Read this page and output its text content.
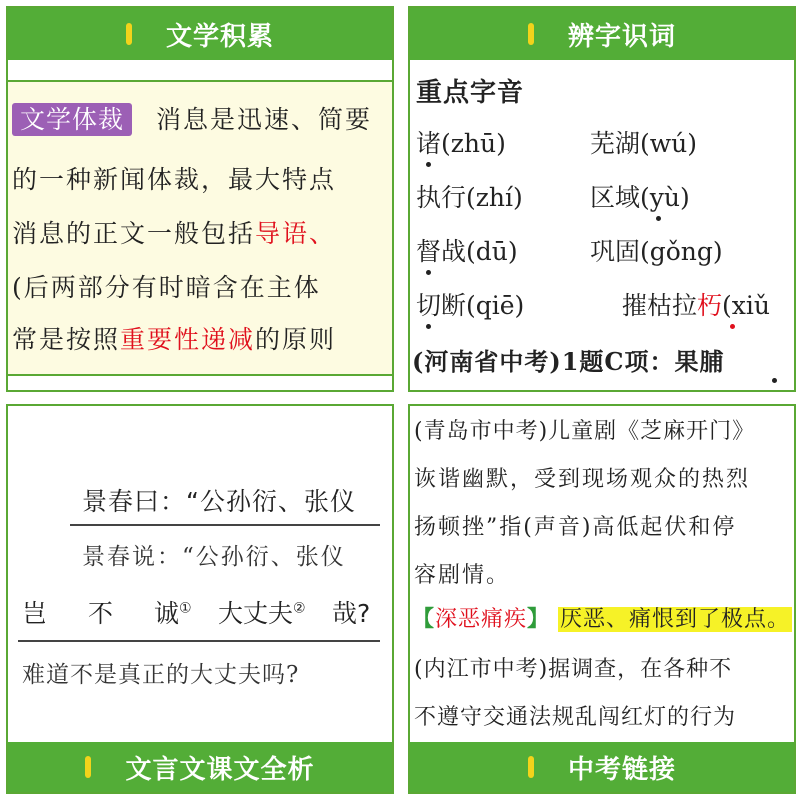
文学积累
文学体裁 消息是迅速、简要
的一种新闻体裁，最大特点
消息的正文一般包括导语、
(后两部分有时暗含在主体
常是按照重要性递减的原则
辨字识词
重点字音
诸(zhū)	芜湖(wú)
执行(zhí)	区域(yù)
督战(dū)	巩固(gǒng)
切断(qiē)	摧枯拉朽(xiǔ
(河南省中考)1题C项：果脯
景春曰：“公孙衍、张仪
景春说：“公孙衍、张仪
岂 不 诚① 大丈夫② 哉?
难道不是真正的大丈夫吗?
文言文课文全析
(青岛市中考)儿童剧《芝麻开门》
诙谐幽默，受到现场观众的热烈
扬顿挫”指(声音)高低起伏和停
容剧情。
【深恶痛疾】 厌恶、痛恨到了极点。
(内江市中考)据调查，在各种不
不遵守交通法规乱闯红灯的行为
中考链接
